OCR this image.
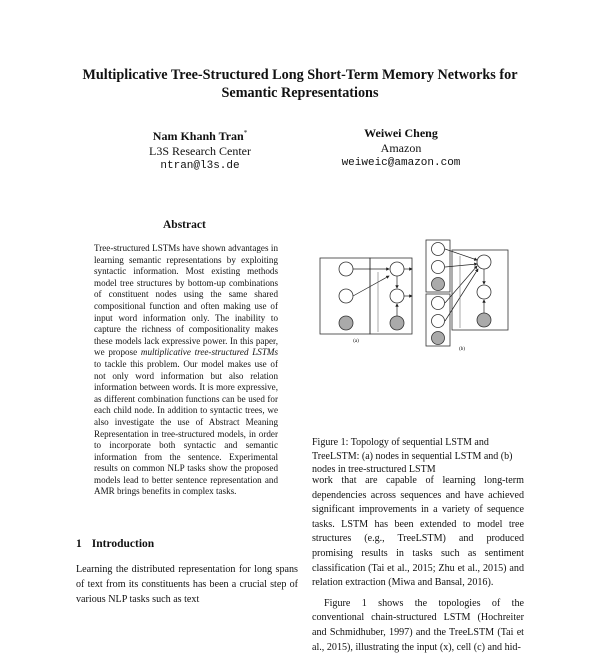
Multiplicative Tree-Structured Long Short-Term Memory Networks for
Semantic Representations
Nam Khanh Tran*
L3S Research Center
ntran@l3s.de
Weiwei Cheng
Amazon
weiweic@amazon.com
Abstract

Tree-structured LSTMs have shown advantages in learning semantic representations by exploiting syntactic information. Most existing methods model tree structures by bottom-up combinations of constituent nodes using the same shared compositional function and often making use of input word information only. The inability to capture the richness of compositionality makes these models lack expressive power. In this paper, we propose multiplicative tree-structured LSTMs to tackle this problem. Our model makes use of not only word information but also relation information between words. It is more expressive, as different combination functions can be used for each child node. In addition to syntactic trees, we also investigate the use of Abstract Meaning Representation in tree-structured models, in order to incorporate both syntactic and semantic information from the sentence. Experimental results on common NLP tasks show the proposed models lead to better sentence representation and AMR brings benefits in complex tasks.

1 Introduction

Learning the distributed representation for long spans of text from its constituents has been a crucial step of various NLP tasks such as text

(a)
(b)
Figure 1: Topology of sequential LSTM and TreeLSTM: (a) nodes in sequential LSTM and (b) nodes in tree-structured LSTM

work that are capable of learning long-term dependencies across sequences and have achieved significant improvements in a variety of sequence tasks. LSTM has been extended to model tree structures (e.g., TreeLSTM) and produced promising results in tasks such as sentiment classification (Tai et al., 2015; Zhu et al., 2015) and relation extraction (Miwa and Bansal, 2016).

Figure 1 shows the topologies of the conventional chain-structured LSTM (Hochreiter and Schmidhuber, 1997) and the TreeLSTM (Tai et al., 2015), illustrating the input (x), cell (c) and hid-
